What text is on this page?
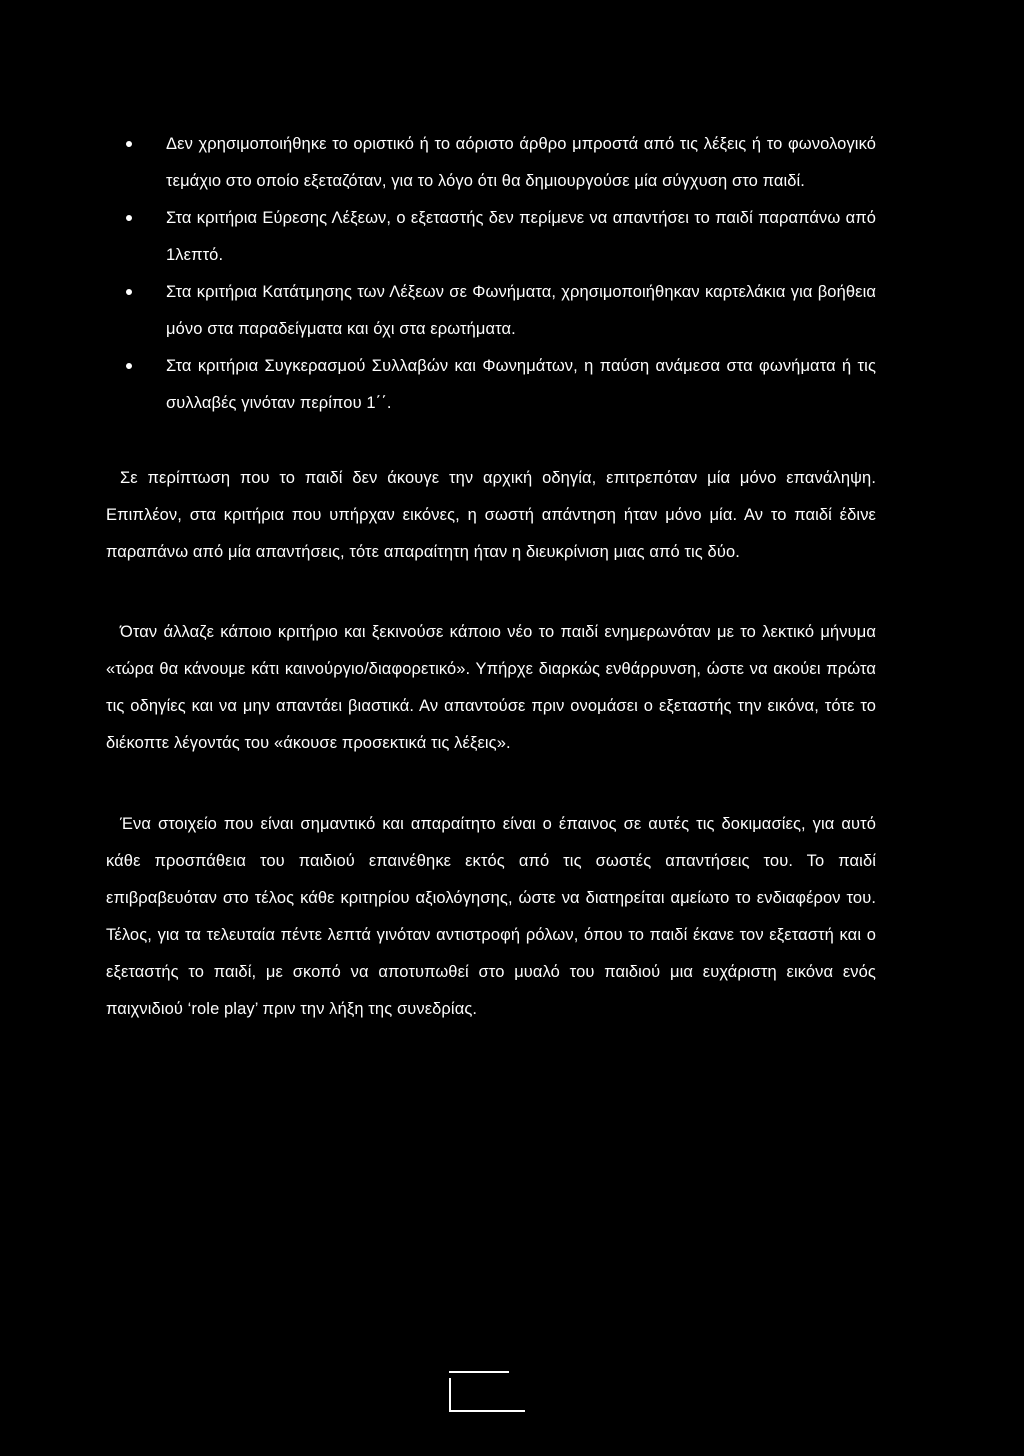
Δεν χρησιμοποιήθηκε το οριστικό ή το αόριστο άρθρο μπροστά από τις λέξεις ή το φωνολογικό τεμάχιο στο οποίο εξεταζόταν, για το λόγο ότι θα δημιουργούσε μία σύγχυση στο παιδί.
Στα κριτήρια Εύρεσης Λέξεων, ο εξεταστής δεν περίμενε να απαντήσει το παιδί παραπάνω από 1λεπτό.
Στα κριτήρια Κατάτμησης των Λέξεων σε Φωνήματα, χρησιμοποιήθηκαν καρτελάκια για βοήθεια μόνο στα παραδείγματα και όχι στα ερωτήματα.
Στα κριτήρια Συγκερασμού Συλλαβών και Φωνημάτων, η παύση ανάμεσα στα φωνήματα ή τις συλλαβές γινόταν περίπου 1΄΄.

Σε περίπτωση που το παιδί δεν άκουγε την αρχική οδηγία, επιτρεπόταν μία μόνο επανάληψη. Επιπλέον, στα κριτήρια που υπήρχαν εικόνες, η σωστή απάντηση ήταν μόνο μία. Αν το παιδί έδινε παραπάνω από μία απαντήσεις, τότε απαραίτητη ήταν η διευκρίνιση μιας από τις δύο.

Όταν άλλαζε κάποιο κριτήριο και ξεκινούσε κάποιο νέο το παιδί ενημερωνόταν με το λεκτικό μήνυμα «τώρα θα κάνουμε κάτι καινούργιο/διαφορετικό». Υπήρχε διαρκώς ενθάρρυνση, ώστε να ακούει πρώτα τις οδηγίες και να μην απαντάει βιαστικά. Αν απαντούσε πριν ονομάσει ο εξεταστής την εικόνα, τότε το διέκοπτε λέγοντάς του «άκουσε προσεκτικά τις λέξεις».

Ένα στοιχείο που είναι σημαντικό και απαραίτητο είναι ο έπαινος σε αυτές τις δοκιμασίες, για αυτό κάθε προσπάθεια του παιδιού επαινέθηκε εκτός από τις σωστές απαντήσεις του. Το παιδί επιβραβευόταν στο τέλος κάθε κριτηρίου αξιολόγησης, ώστε να διατηρείται αμείωτο το ενδιαφέρον του. Τέλος, για τα τελευταία πέντε λεπτά γινόταν αντιστροφή ρόλων, όπου το παιδί έκανε τον εξεταστή και ο εξεταστής το παιδί, με σκοπό να αποτυπωθεί στο μυαλό του παιδιού μια ευχάριστη εικόνα ενός παιχνιδιού ‘role play’ πριν την λήξη της συνεδρίας.
